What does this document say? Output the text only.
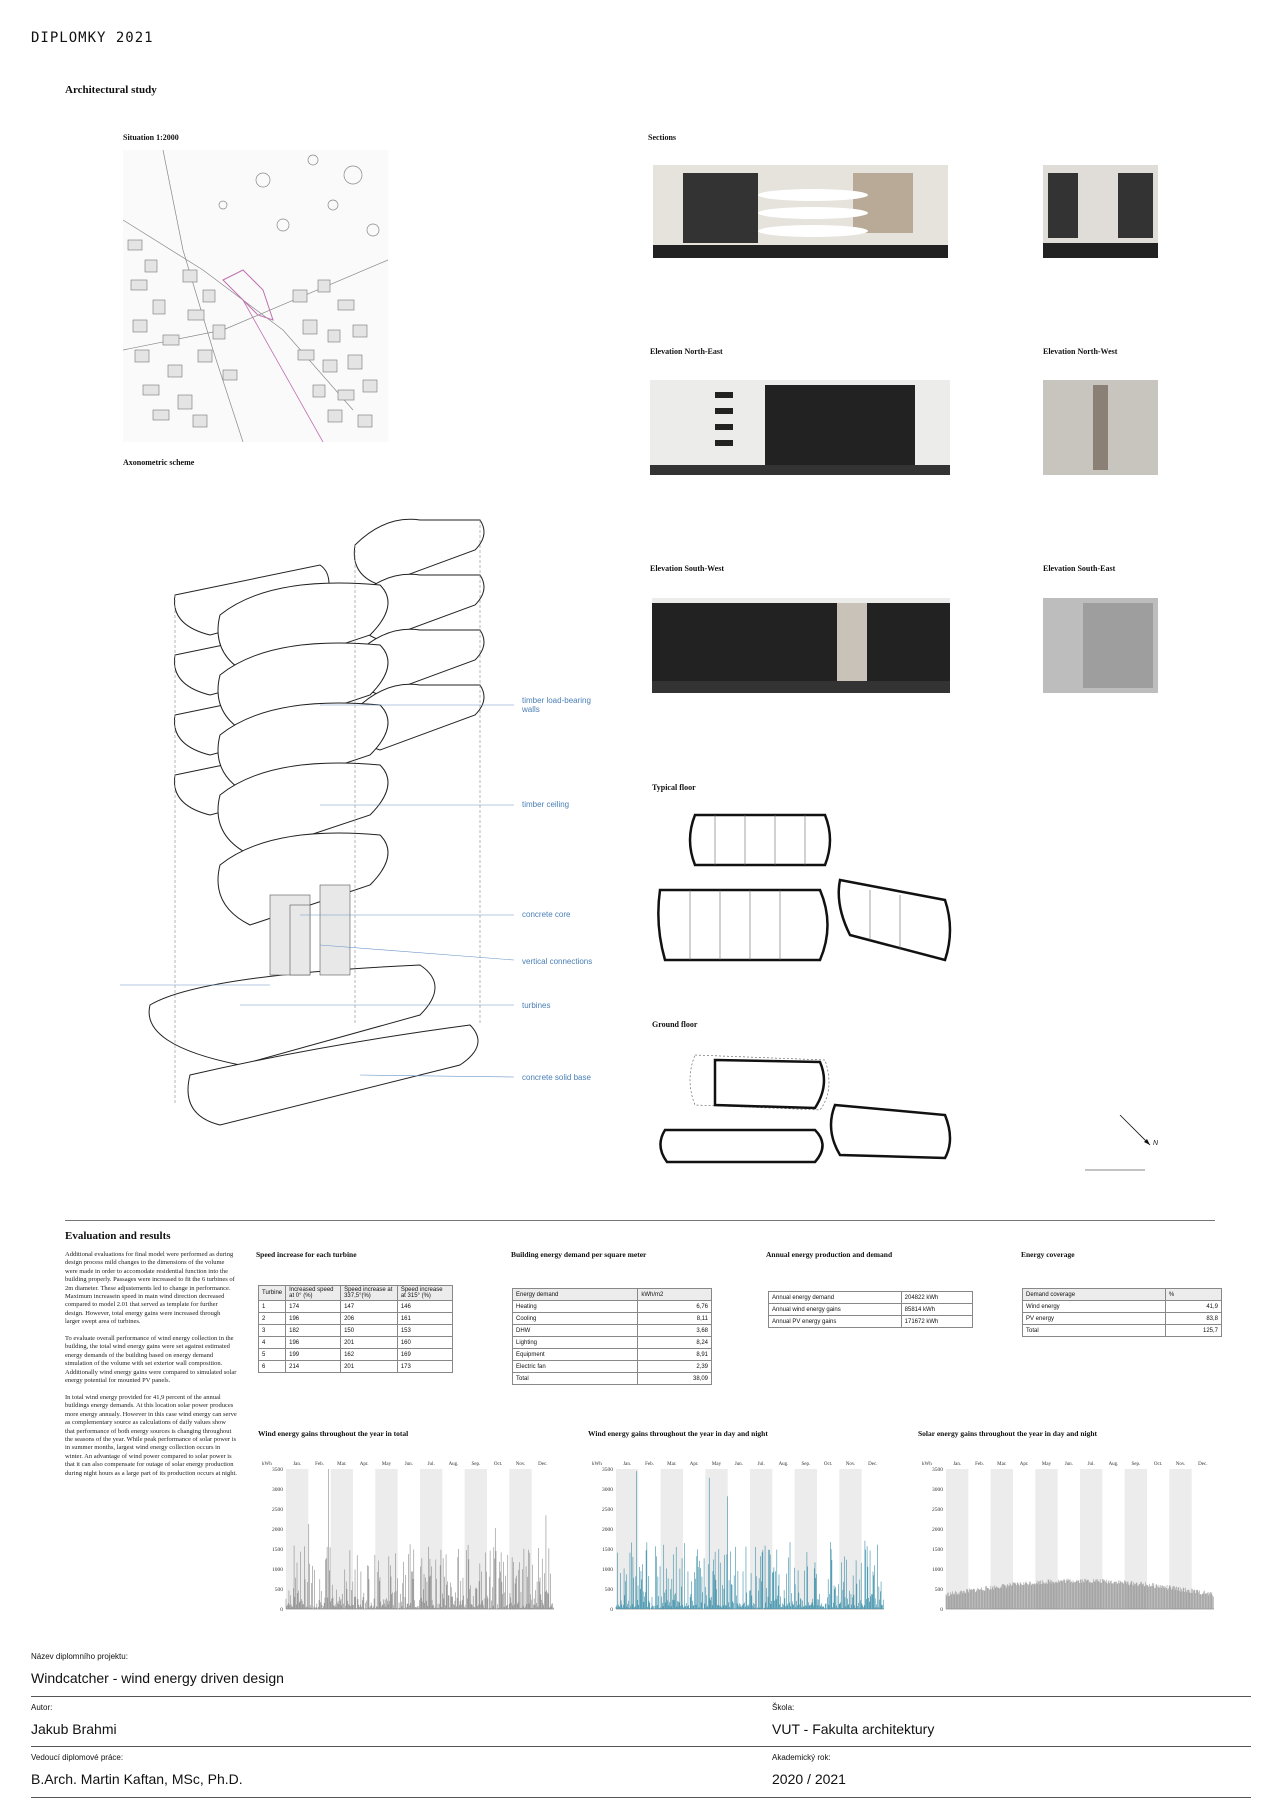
DIPLOMKY 2021
Architectural study
Situation 1:2000
Axonometric scheme
timber load-bearing walls
timber ceiling
concrete core
vertical connections
turbines
concrete solid base
Sections
Elevation North-East	Elevation North-West
Elevation South-West	Elevation South-East
Typical floor
Ground floor
N
Evaluation and results
Additional evaluations for final model were performed as during design process mild changes to the dimensions of the volume were made in order to accomodate residential function into the building properly. Passages were increased to fit the 6 turbines of 2m diameter. These adjustements led to change in performance. Maximum increasein speed in main wind direction decreased compared to model 2.01 that served as template for further design. However, total energy gains were increased through larger swept area of turbines.

To evaluate overall performance of wind energy collection in the building, the total wind energy gains were set against estimated energy demands of the building based on energy demand simulation of the volume with set exterior wall composition. Additionally wind energy gains were compared to simulated solar energy potential for mounted PV panels.

In total wind energy provided for 41,9 percent of the annual buildings energy demands. At this location solar power produces more energy annualy. However in this case wind energy can serve as complementary source as calculations of daily values show that performance of both energy sources is changing throughout the seasons of the year. While peak performance of solar power is in summer months, largest wind energy collection occurs in winter. An advantage of wind power compared to solar power is that it can also compensate for outage of solar energy production during night hours as a large part of its production occurs at night.
Speed increase for each turbine
Turbine	Increased speed at 0° (%)	Speed increase at 337,5°(%)	Speed increase at 315° (%)
1	174	147	146
2	196	206	161
3	182	150	153
4	196	201	160
5	199	162	169
6	214	201	173
Building energy demand per square meter
Energy demand	kWh/m2
Heating	6,76
Cooling	8,11
DHW	3,68
Lighting	8,24
Equipment	8,91
Electric fan	2,39
Total	38,09
Annual energy production and demand
Annual energy demand	204822 kWh
Annual wind energy gains	85814 kWh
Annual PV energy gains	171672 kWh
Energy coverage
Demand coverage	%
Wind energy	41,9
PV energy	83,8
Total	125,7
Wind energy gains throughout the year in total
Jan.	Feb.	Mar.	Apr.	May	Jun.	Jul.	Aug.	Sep.	Oct.	Nov.	Dec.
kWh
0
500
1000
1500
2000
2500
3000
3500
Wind energy gains throughout the year in day and night
Jan.	Feb.	Mar.	Apr.	May	Jun.	Jul.	Aug.	Sep.	Oct.	Nov.	Dec.
kWh
0
500
1000
1500
2000
2500
3000
3500
Solar energy gains throughout the year in day and night
Jan.	Feb.	Mar.	Apr.	May	Jun.	Jul.	Aug.	Sep.	Oct.	Nov.	Dec.
kWh
0
500
1000
1500
2000
2500
3000
3500
Název diplomního projektu:
Windcatcher - wind energy driven design
Autor:
Jakub Brahmi
Škola:
VUT - Fakulta architektury
Vedoucí diplomové práce:
B.Arch. Martin Kaftan, MSc, Ph.D.
Akademický rok:
2020 / 2021
